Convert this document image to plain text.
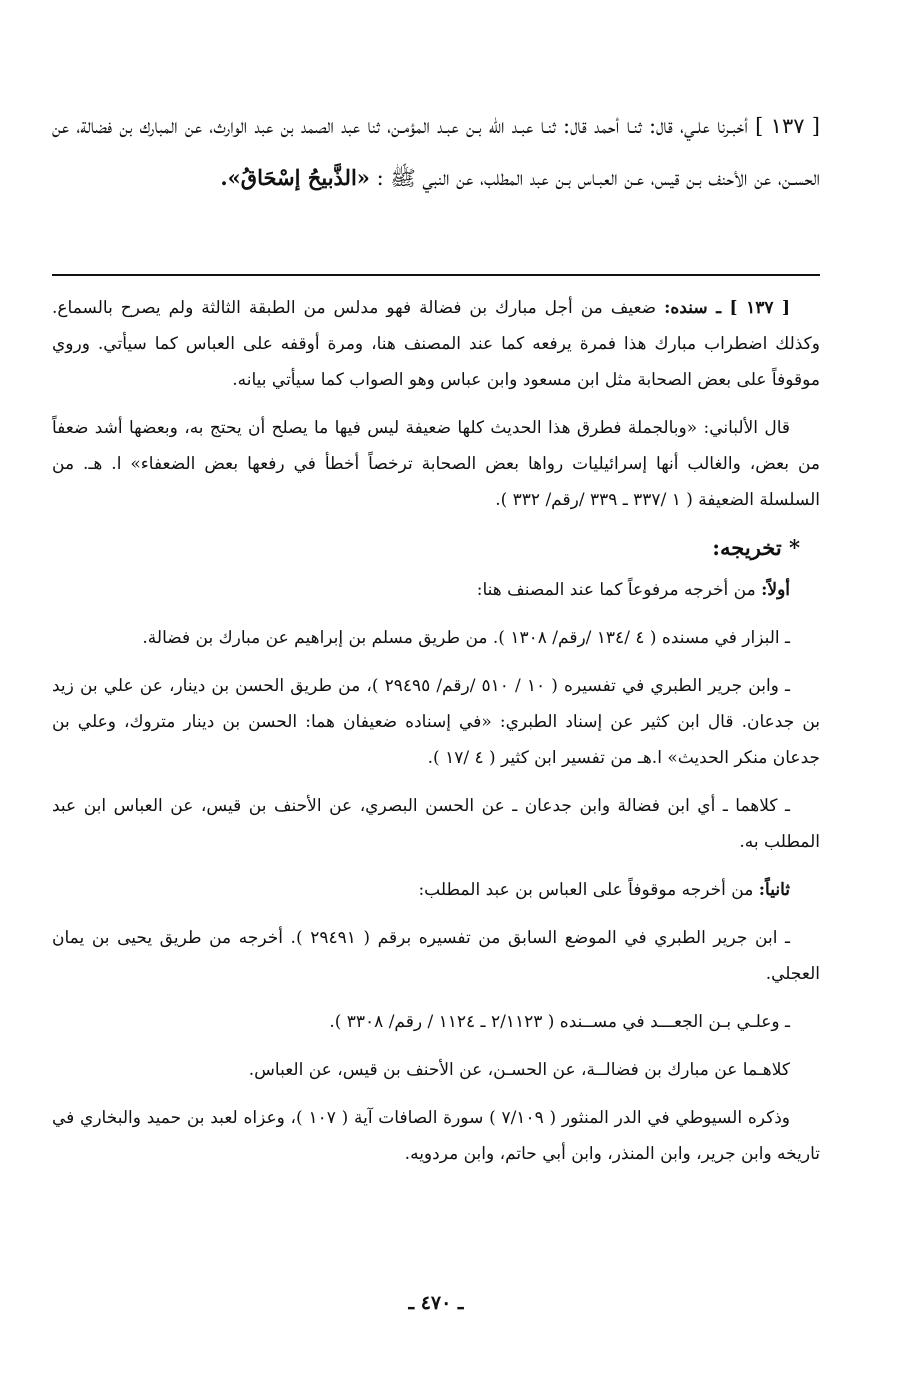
[ ١٣٧ ] أخبـرنا علـي، قال: ثنـا أحمد قال: ثنـا عبـد الله بـن عبـد المؤمـن، ثنا عبد الصمد بن عبد الوارث، عن المبارك بن فضالة، عن الحسـن، عن الأحنف بـن قيس، عـن العبـاس بـن عبد المطلب، عن النبي ﷺ : «الذَّبيحُ إسْحَاقُ».

[ ١٣٧ ] ـ سنده: ضعيف من أجل مبارك بن فضالة فهو مدلس من الطبقة الثالثة ولم يصرح بالسماع. وكذلك اضطراب مبارك هذا فمرة يرفعه كما عند المصنف هنا، ومرة أوقفه على العباس كما سيأتي. وروي موقوفاً على بعض الصحابة مثل ابن مسعود وابن عباس وهو الصواب كما سيأتي بيانه.

قال الألباني: «وبالجملة فطرق هذا الحديث كلها ضعيفة ليس فيها ما يصلح أن يحتج به، وبعضها أشد ضعفاً من بعض، والغالب أنها إسرائيليات رواها بعض الصحابة ترخصاً أخطأ في رفعها بعض الضعفاء» ا. هـ. من السلسلة الضعيفة ( ١ /٣٣٧ ـ ٣٣٩ /رقم/ ٣٣٢ ).

* تخريجه:

أولاً: من أخرجه مرفوعاً كما عند المصنف هنا:

ـ البزار في مسنده ( ٤ /١٣٤ /رقم/ ١٣٠٨ ). من طريق مسلم بن إبراهيم عن مبارك بن فضالة.

ـ وابن جرير الطبري في تفسيره ( ١٠ / ٥١٠ /رقم/ ٢٩٤٩٥ )، من طريق الحسن بن دينار، عن علي بن زيد بن جدعان. قال ابن كثير عن إسناد الطبري: «في إسناده ضعيفان هما: الحسن بن دينار متروك، وعلي بن جدعان منكر الحديث» ا.هـ من تفسير ابن كثير ( ٤ /١٧ ).

ـ كلاهما ـ أي ابن فضالة وابن جدعان ـ عن الحسن البصري، عن الأحنف بن قيس، عن العباس ابن عبد المطلب به.

ثانياً: من أخرجه موقوفاً على العباس بن عبد المطلب:

ـ ابن جرير الطبري في الموضع السابق من تفسيره برقم ( ٢٩٤٩١ ). أخرجه من طريق يحيى بن يمان العجلي.

ـ وعلـي بـن الجعـــد في مســنده ( ٢/١١٢٣ ـ ١١٢٤ / رقم/ ٣٣٠٨ ).

كلاهـما عن مبارك بن فضالــة، عن الحسـن، عن الأحنف بن قيس، عن العباس.

وذكره السيوطي في الدر المنثور ( ٧/١٠٩ ) سورة الصافات آية ( ١٠٧ )، وعزاه لعبد بن حميد والبخاري في تاريخه وابن جرير، وابن المنذر، وابن أبي حاتم، وابن مردويه.

ـ ٤٧٠ ـ
